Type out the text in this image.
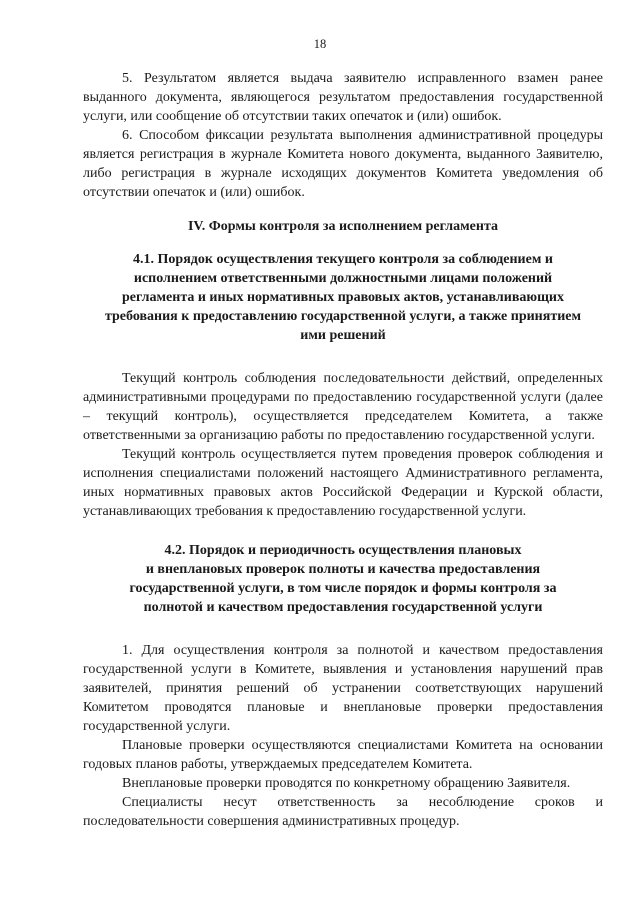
18

5. Результатом является выдача заявителю исправленного взамен ранее выданного документа, являющегося результатом предоставления государственной услуги, или сообщение об отсутствии таких опечаток и (или) ошибок.

6. Способом фиксации результата выполнения административной процедуры является регистрация в журнале Комитета нового документа, выданного Заявителю, либо регистрация в журнале исходящих документов Комитета уведомления об отсутствии опечаток и (или) ошибок.

IV. Формы контроля за исполнением регламента
4.1. Порядок осуществления текущего контроля за соблюдением и
исполнением ответственными должностными лицами положений
регламента и иных нормативных правовых актов, устанавливающих
требования к предоставлению государственной услуги, а также принятием
ими решений

Текущий контроль соблюдения последовательности действий, определенных административными процедурами по предоставлению государственной услуги (далее – текущий контроль), осуществляется председателем Комитета, а также ответственными за организацию работы по предоставлению государственной услуги.

Текущий контроль осуществляется путем проведения проверок соблюдения и исполнения специалистами положений настоящего Административного регламента, иных нормативных правовых актов Российской Федерации и Курской области, устанавливающих требования к предоставлению государственной услуги.

4.2. Порядок и периодичность осуществления плановых
и внеплановых проверок полноты и качества предоставления
государственной услуги, в том числе порядок и формы контроля за
полнотой и качеством предоставления государственной услуги

1. Для осуществления контроля за полнотой и качеством предоставления государственной услуги в Комитете, выявления и установления нарушений прав заявителей, принятия решений об устранении соответствующих нарушений Комитетом проводятся плановые и внеплановые проверки предоставления государственной услуги.

Плановые проверки осуществляются специалистами Комитета на основании годовых планов работы, утверждаемых председателем Комитета.

Внеплановые проверки проводятся по конкретному обращению Заявителя.

Специалисты несут ответственность за несоблюдение сроков и последовательности совершения административных процедур.
